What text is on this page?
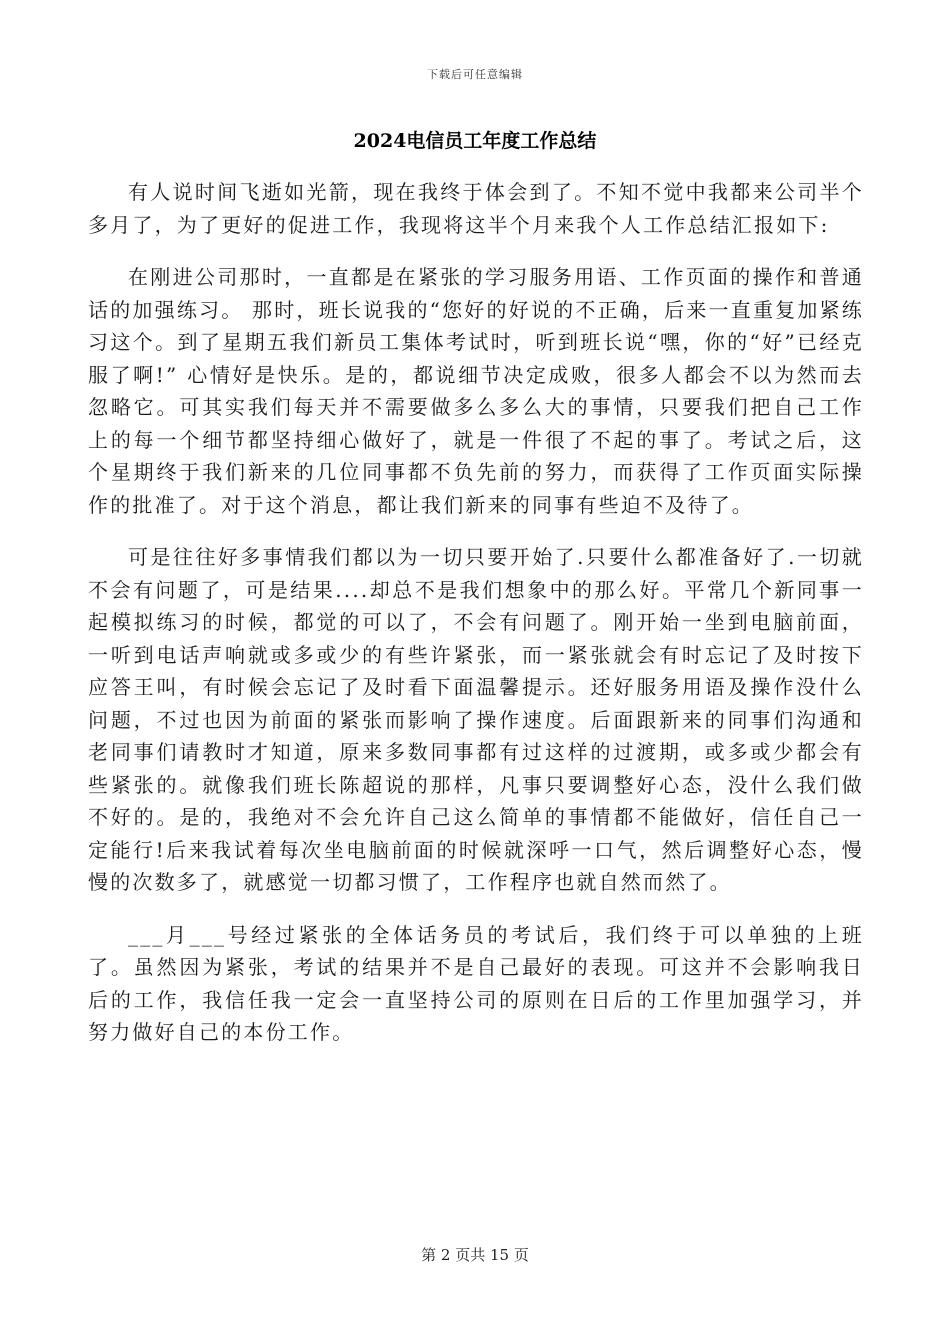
下载后可任意编辑
2024电信员工年度工作总结

有人说时间飞逝如光箭，现在我终于体会到了。不知不觉中我都来公司半个多月了，为了更好的促进工作，我现将这半个月来我个人工作总结汇报如下:

在刚进公司那时，一直都是在紧张的学习服务用语、工作页面的操作和普通话的加强练习。 那时，班长说我的“您好的好说的不正确，后来一直重复加紧练习这个。到了星期五我们新员工集体考试时，听到班长说“嘿，你的“好”已经克服了啊!” 心情好是快乐。是的，都说细节决定成败，很多人都会不以为然而去忽略它。可其实我们每天并不需要做多么多么大的事情，只要我们把自己工作上的每一个细节都坚持细心做好了，就是一件很了不起的事了。考试之后，这个星期终于我们新来的几位同事都不负先前的努力，而获得了工作页面实际操作的批准了。对于这个消息，都让我们新来的同事有些迫不及待了。

可是往往好多事情我们都以为一切只要开始了.只要什么都准备好了.一切就不会有问题了，可是结果....却总不是我们想象中的那么好。平常几个新同事一起模拟练习的时候，都觉的可以了，不会有问题了。刚开始一坐到电脑前面，一听到电话声响就或多或少的有些许紧张，而一紧张就会有时忘记了及时按下应答王叫，有时候会忘记了及时看下面温馨提示。还好服务用语及操作没什么问题，不过也因为前面的紧张而影响了操作速度。后面跟新来的同事们沟通和老同事们请教时才知道，原来多数同事都有过这样的过渡期，或多或少都会有些紧张的。就像我们班长陈超说的那样，凡事只要调整好心态，没什么我们做不好的。是的，我绝对不会允许自己这么简单的事情都不能做好，信任自己一定能行!后来我试着每次坐电脑前面的时候就深呼一口气，然后调整好心态，慢慢的次数多了，就感觉一切都习惯了，工作程序也就自然而然了。

___月___号经过紧张的全体话务员的考试后，我们终于可以单独的上班了。虽然因为紧张，考试的结果并不是自己最好的表现。可这并不会影响我日后的工作，我信任我一定会一直坚持公司的原则在日后的工作里加强学习，并努力做好自己的本份工作。

第 2 页共 15 页
